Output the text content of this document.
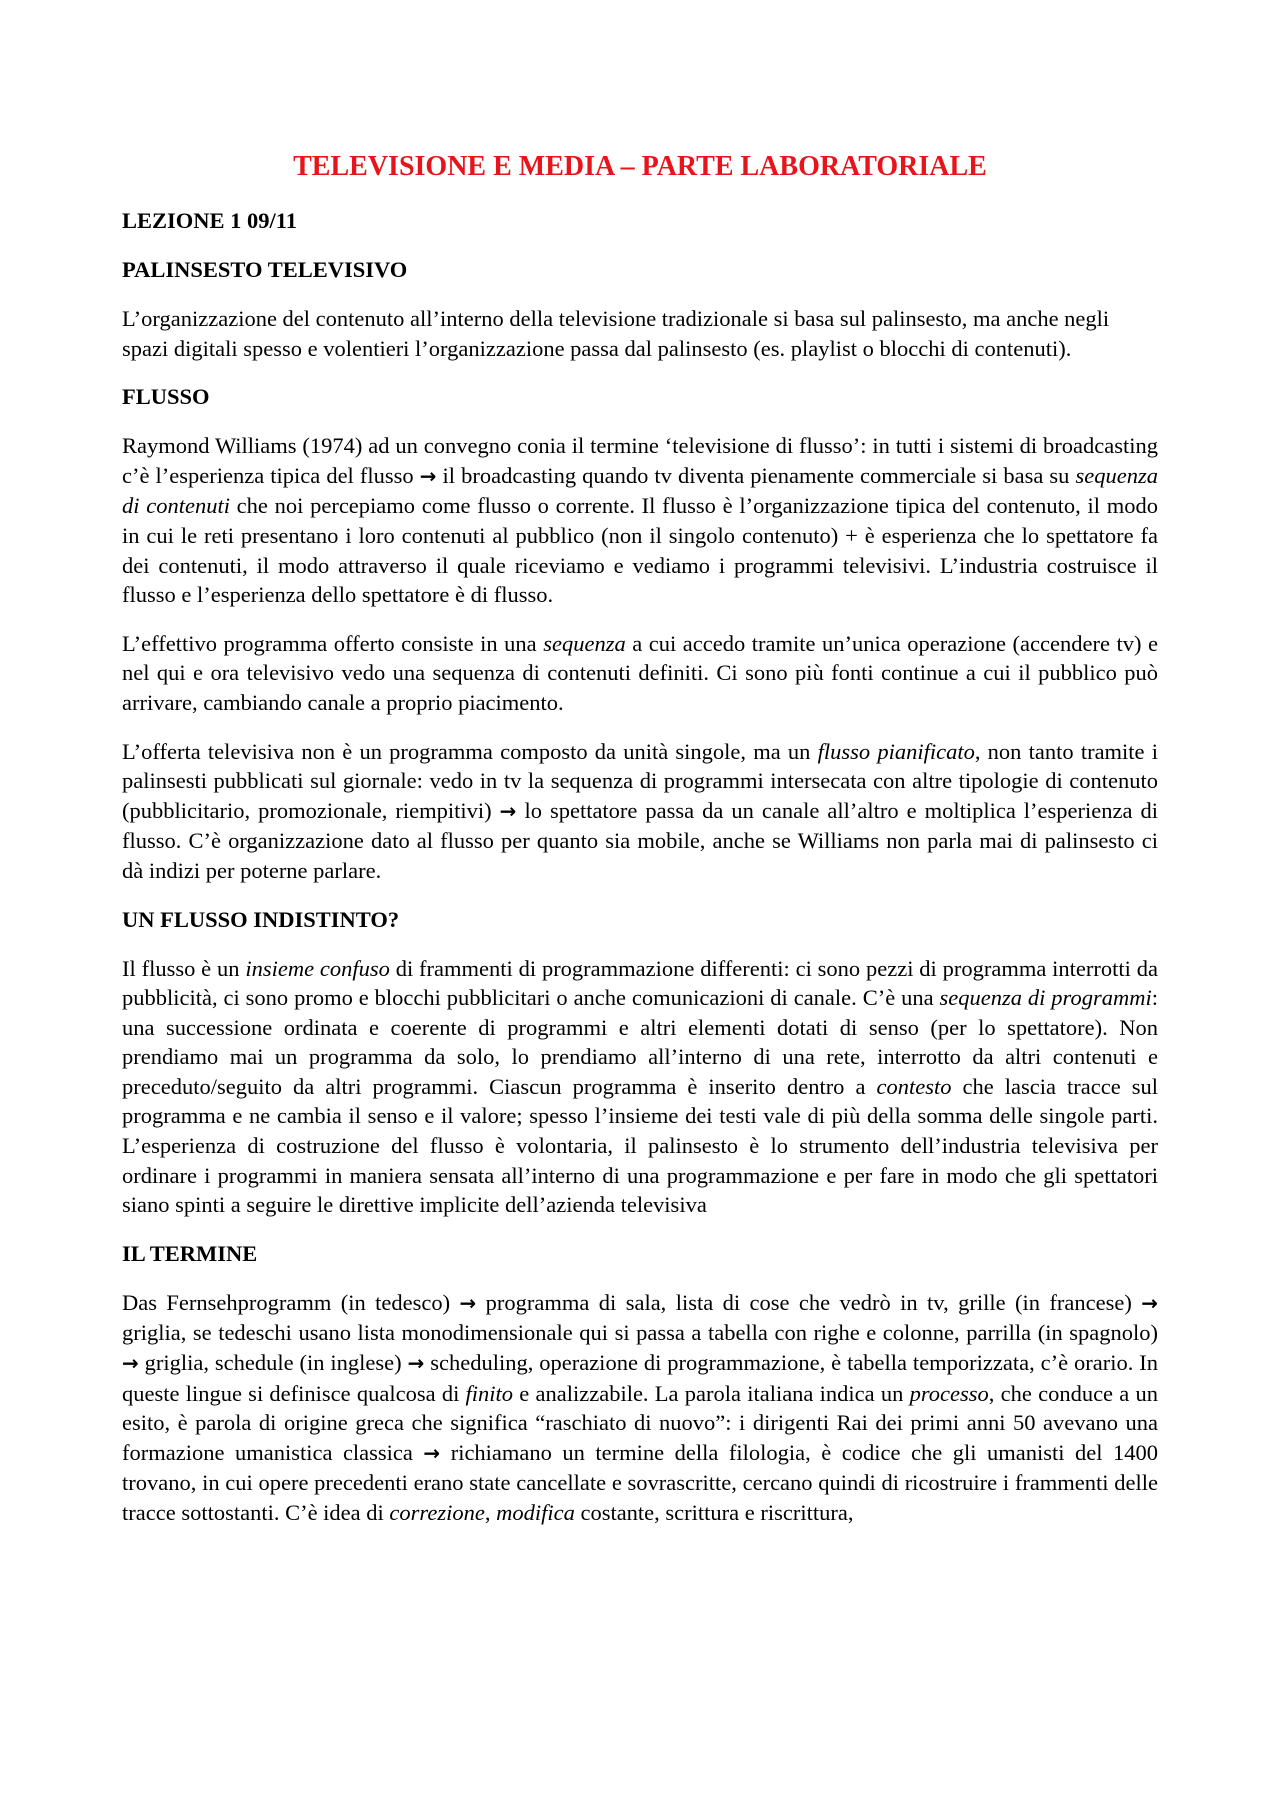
TELEVISIONE E MEDIA – PARTE LABORATORIALE
LEZIONE 1 09/11
PALINSESTO TELEVISIVO

L’organizzazione del contenuto all’interno della televisione tradizionale si basa sul palinsesto, ma anche negli spazi digitali spesso e volentieri l’organizzazione passa dal palinsesto (es. playlist o blocchi di contenuti).

FLUSSO

Raymond Williams (1974) ad un convegno conia il termine ‘televisione di flusso’: in tutti i sistemi di broadcasting c’è l’esperienza tipica del flusso → il broadcasting quando tv diventa pienamente commerciale si basa su sequenza di contenuti che noi percepiamo come flusso o corrente. Il flusso è l’organizzazione tipica del contenuto, il modo in cui le reti presentano i loro contenuti al pubblico (non il singolo contenuto) + è esperienza che lo spettatore fa dei contenuti, il modo attraverso il quale riceviamo e vediamo i programmi televisivi. L’industria costruisce il flusso e l’esperienza dello spettatore è di flusso.

L’effettivo programma offerto consiste in una sequenza a cui accedo tramite un’unica operazione (accendere tv) e nel qui e ora televisivo vedo una sequenza di contenuti definiti. Ci sono più fonti continue a cui il pubblico può arrivare, cambiando canale a proprio piacimento.

L’offerta televisiva non è un programma composto da unità singole, ma un flusso pianificato, non tanto tramite i palinsesti pubblicati sul giornale: vedo in tv la sequenza di programmi intersecata con altre tipologie di contenuto (pubblicitario, promozionale, riempitivi) → lo spettatore passa da un canale all’altro e moltiplica l’esperienza di flusso. C’è organizzazione dato al flusso per quanto sia mobile, anche se Williams non parla mai di palinsesto ci dà indizi per poterne parlare.

UN FLUSSO INDISTINTO?

Il flusso è un insieme confuso di frammenti di programmazione differenti: ci sono pezzi di programma interrotti da pubblicità, ci sono promo e blocchi pubblicitari o anche comunicazioni di canale. C’è una sequenza di programmi: una successione ordinata e coerente di programmi e altri elementi dotati di senso (per lo spettatore). Non prendiamo mai un programma da solo, lo prendiamo all’interno di una rete, interrotto da altri contenuti e preceduto/seguito da altri programmi. Ciascun programma è inserito dentro a contesto che lascia tracce sul programma e ne cambia il senso e il valore; spesso l’insieme dei testi vale di più della somma delle singole parti. L’esperienza di costruzione del flusso è volontaria, il palinsesto è lo strumento dell’industria televisiva per ordinare i programmi in maniera sensata all’interno di una programmazione e per fare in modo che gli spettatori siano spinti a seguire le direttive implicite dell’azienda televisiva

IL TERMINE

Das Fernsehprogramm (in tedesco) → programma di sala, lista di cose che vedrò in tv, grille (in francese) → griglia, se tedeschi usano lista monodimensionale qui si passa a tabella con righe e colonne, parrilla (in spagnolo) → griglia, schedule (in inglese) → scheduling, operazione di programmazione, è tabella temporizzata, c’è orario. In queste lingue si definisce qualcosa di finito e analizzabile. La parola italiana indica un processo, che conduce a un esito, è parola di origine greca che significa “raschiato di nuovo”: i dirigenti Rai dei primi anni 50 avevano una formazione umanistica classica → richiamano un termine della filologia, è codice che gli umanisti del 1400 trovano, in cui opere precedenti erano state cancellate e sovrascritte, cercano quindi di ricostruire i frammenti delle tracce sottostanti. C’è idea di correzione, modifica costante, scrittura e riscrittura,
